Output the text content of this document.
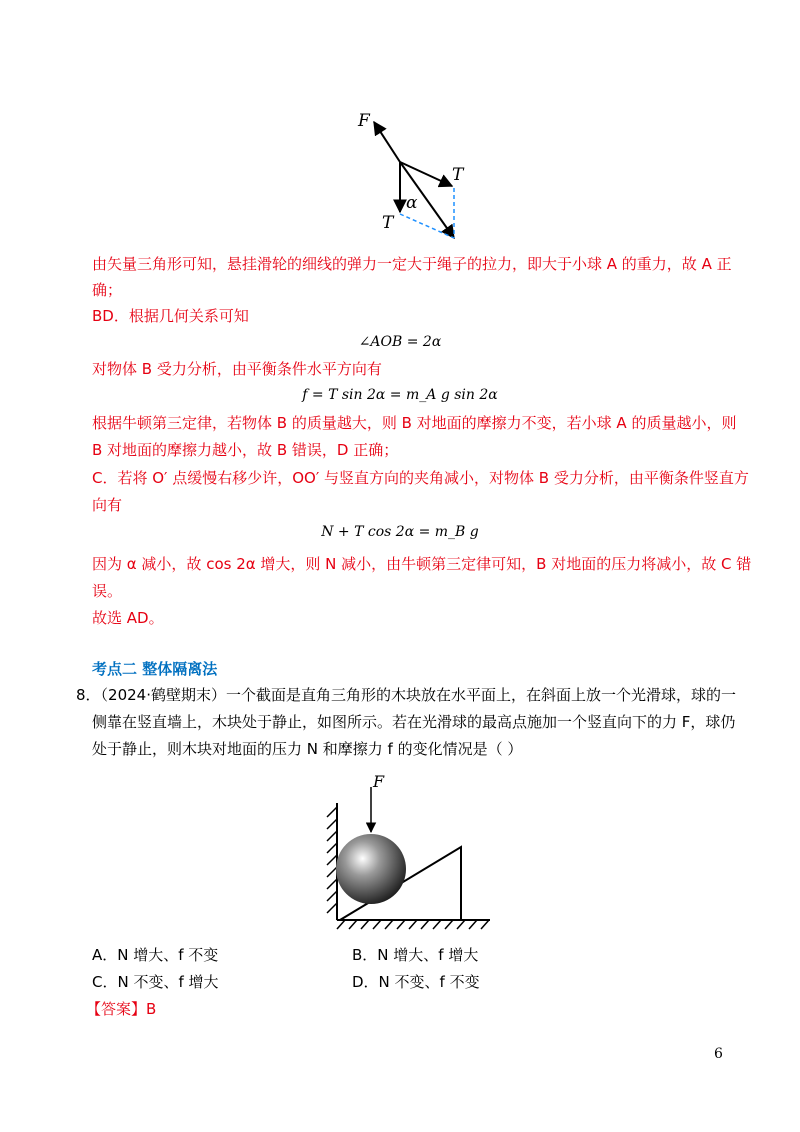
F
T
T
α
由矢量三角形可知，悬挂滑轮的细线的弹力一定大于绳子的拉力，即大于小球 A 的重力，故 A 正
确；
BD．根据几何关系可知
∠AOB = 2α
对物体 B 受力分析，由平衡条件水平方向有
f = T sin 2α = m_A g sin 2α
根据牛顿第三定律，若物体 B 的质量越大，则 B 对地面的摩擦力不变，若小球 A 的质量越小，则
B 对地面的摩擦力越小，故 B 错误，D 正确；
C．若将 O′ 点缓慢右移少许，OO′ 与竖直方向的夹角减小，对物体 B 受力分析，由平衡条件竖直方
向有
N + T cos 2α = m_B g
因为 α 减小，故 cos 2α 增大，则 N 减小，由牛顿第三定律可知，B 对地面的压力将减小，故 C 错
误。
故选 AD。
考点二 整体隔离法
8．（2024·鹤壁期末）一个截面是直角三角形的木块放在水平面上，在斜面上放一个光滑球，球的一
侧靠在竖直墙上，木块处于静止，如图所示。若在光滑球的最高点施加一个竖直向下的力 F，球仍
处于静止，则木块对地面的压力 N 和摩擦力 f 的变化情况是（ ）
F
A．N 增大、f 不变	B．N 增大、f 增大
C．N 不变、f 增大	D．N 不变、f 不变
【答案】B
6
